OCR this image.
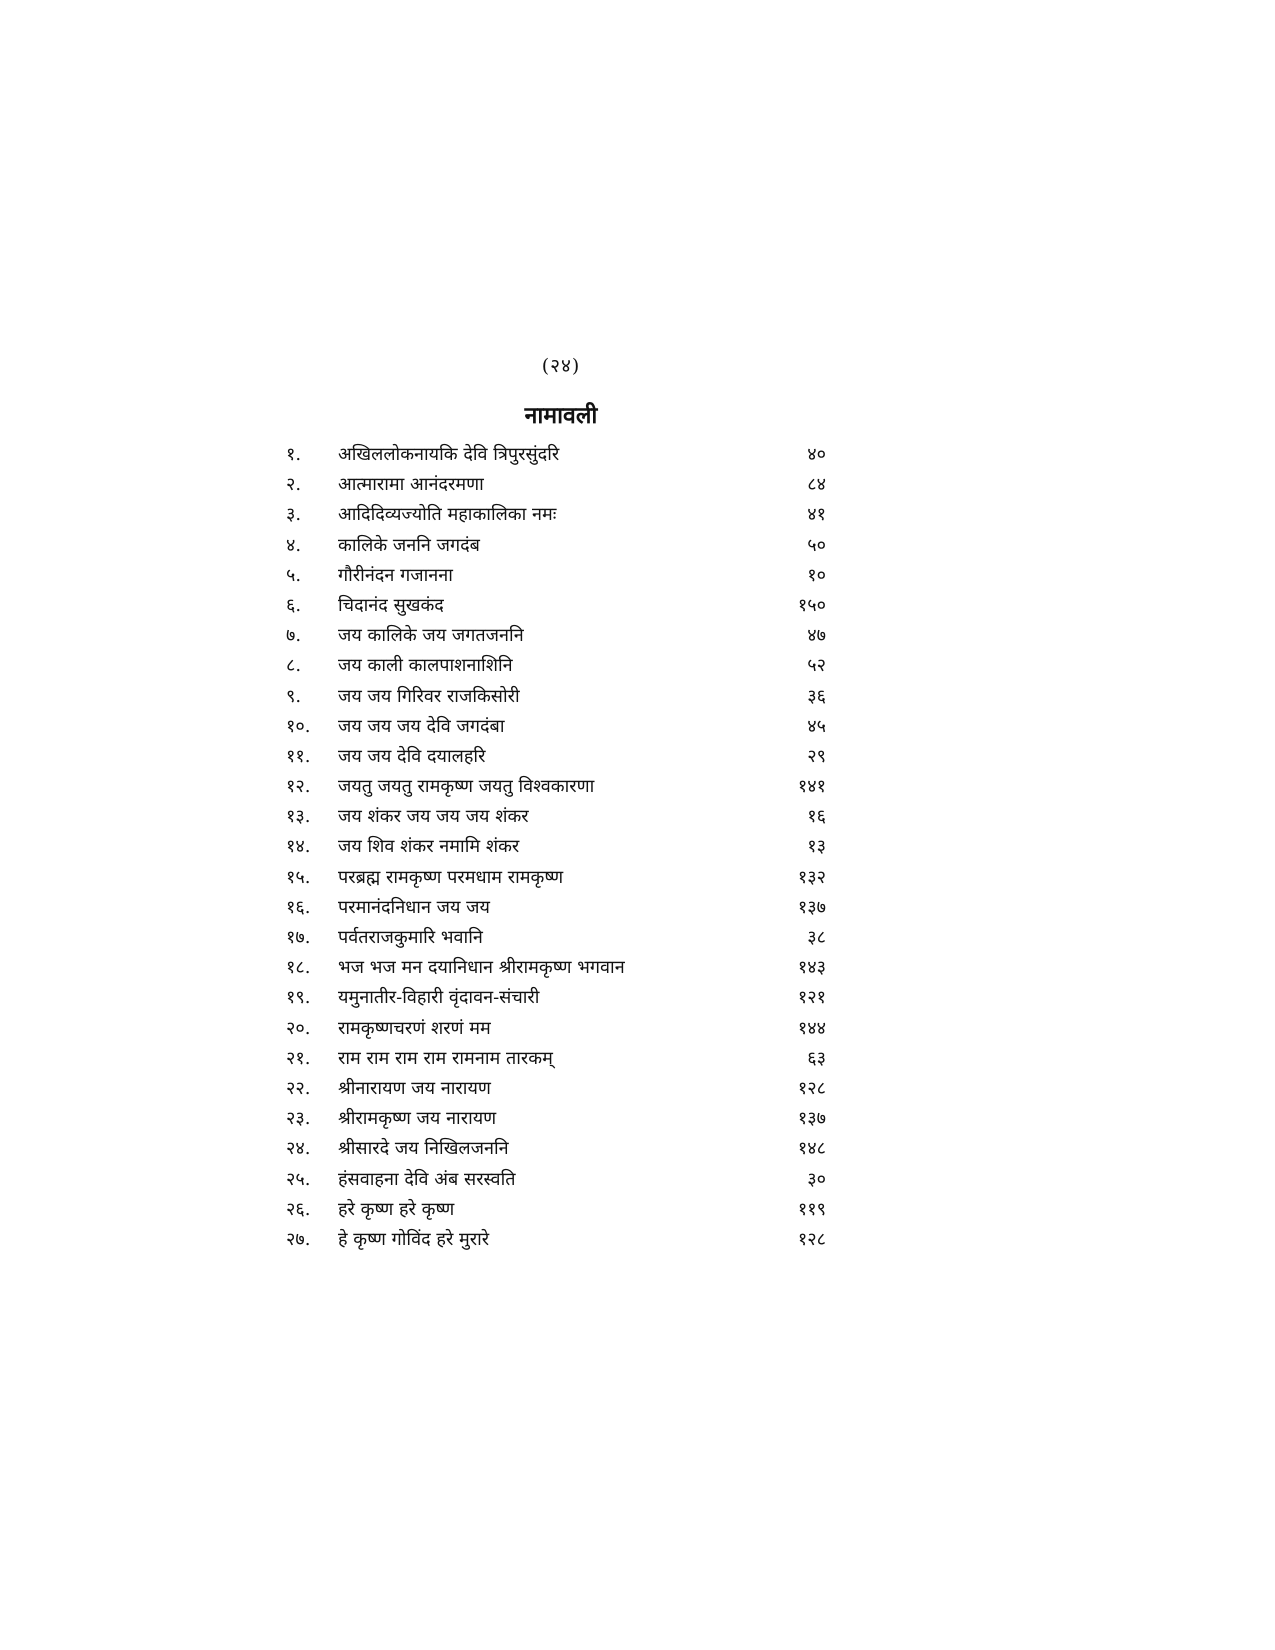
(२४)
नामावली
१. अखिललोकनायकि देवि त्रिपुरसुंदरि	४०
२. आत्मारामा आनंदरमणा	८४
३. आदिदिव्यज्योति महाकालिका नमः	४१
४. कालिके जननि जगदंब	५०
५. गौरीनंदन गजानना	१०
६. चिदानंद सुखकंद	१५०
७. जय कालिके जय जगतजननि	४७
८. जय काली कालपाशनाशिनि	५२
९. जय जय गिरिवर राजकिसोरी	३६
१०. जय जय जय देवि जगदंबा	४५
११. जय जय देवि दयालहरि	२९
१२. जयतु जयतु रामकृष्ण जयतु विश्वकारणा	१४१
१३. जय शंकर जय जय जय शंकर	१६
१४. जय शिव शंकर नमामि शंकर	१३
१५. परब्रह्म रामकृष्ण परमधाम रामकृष्ण	१३२
१६. परमानंदनिधान जय जय	१३७
१७. पर्वतराजकुमारि भवानि	३८
१८. भज भज मन दयानिधान श्रीरामकृष्ण भगवान	१४३
१९. यमुनातीर-विहारी वृंदावन-संचारी	१२१
२०. रामकृष्णचरणं शरणं मम	१४४
२१. राम राम राम राम रामनाम तारकम्	६३
२२. श्रीनारायण जय नारायण	१२८
२३. श्रीरामकृष्ण जय नारायण	१३७
२४. श्रीसारदे जय निखिलजननि	१४८
२५. हंसवाहना देवि अंब सरस्वति	३०
२६. हरे कृष्ण हरे कृष्ण	११९
२७. हे कृष्ण गोविंद हरे मुरारे	१२८
